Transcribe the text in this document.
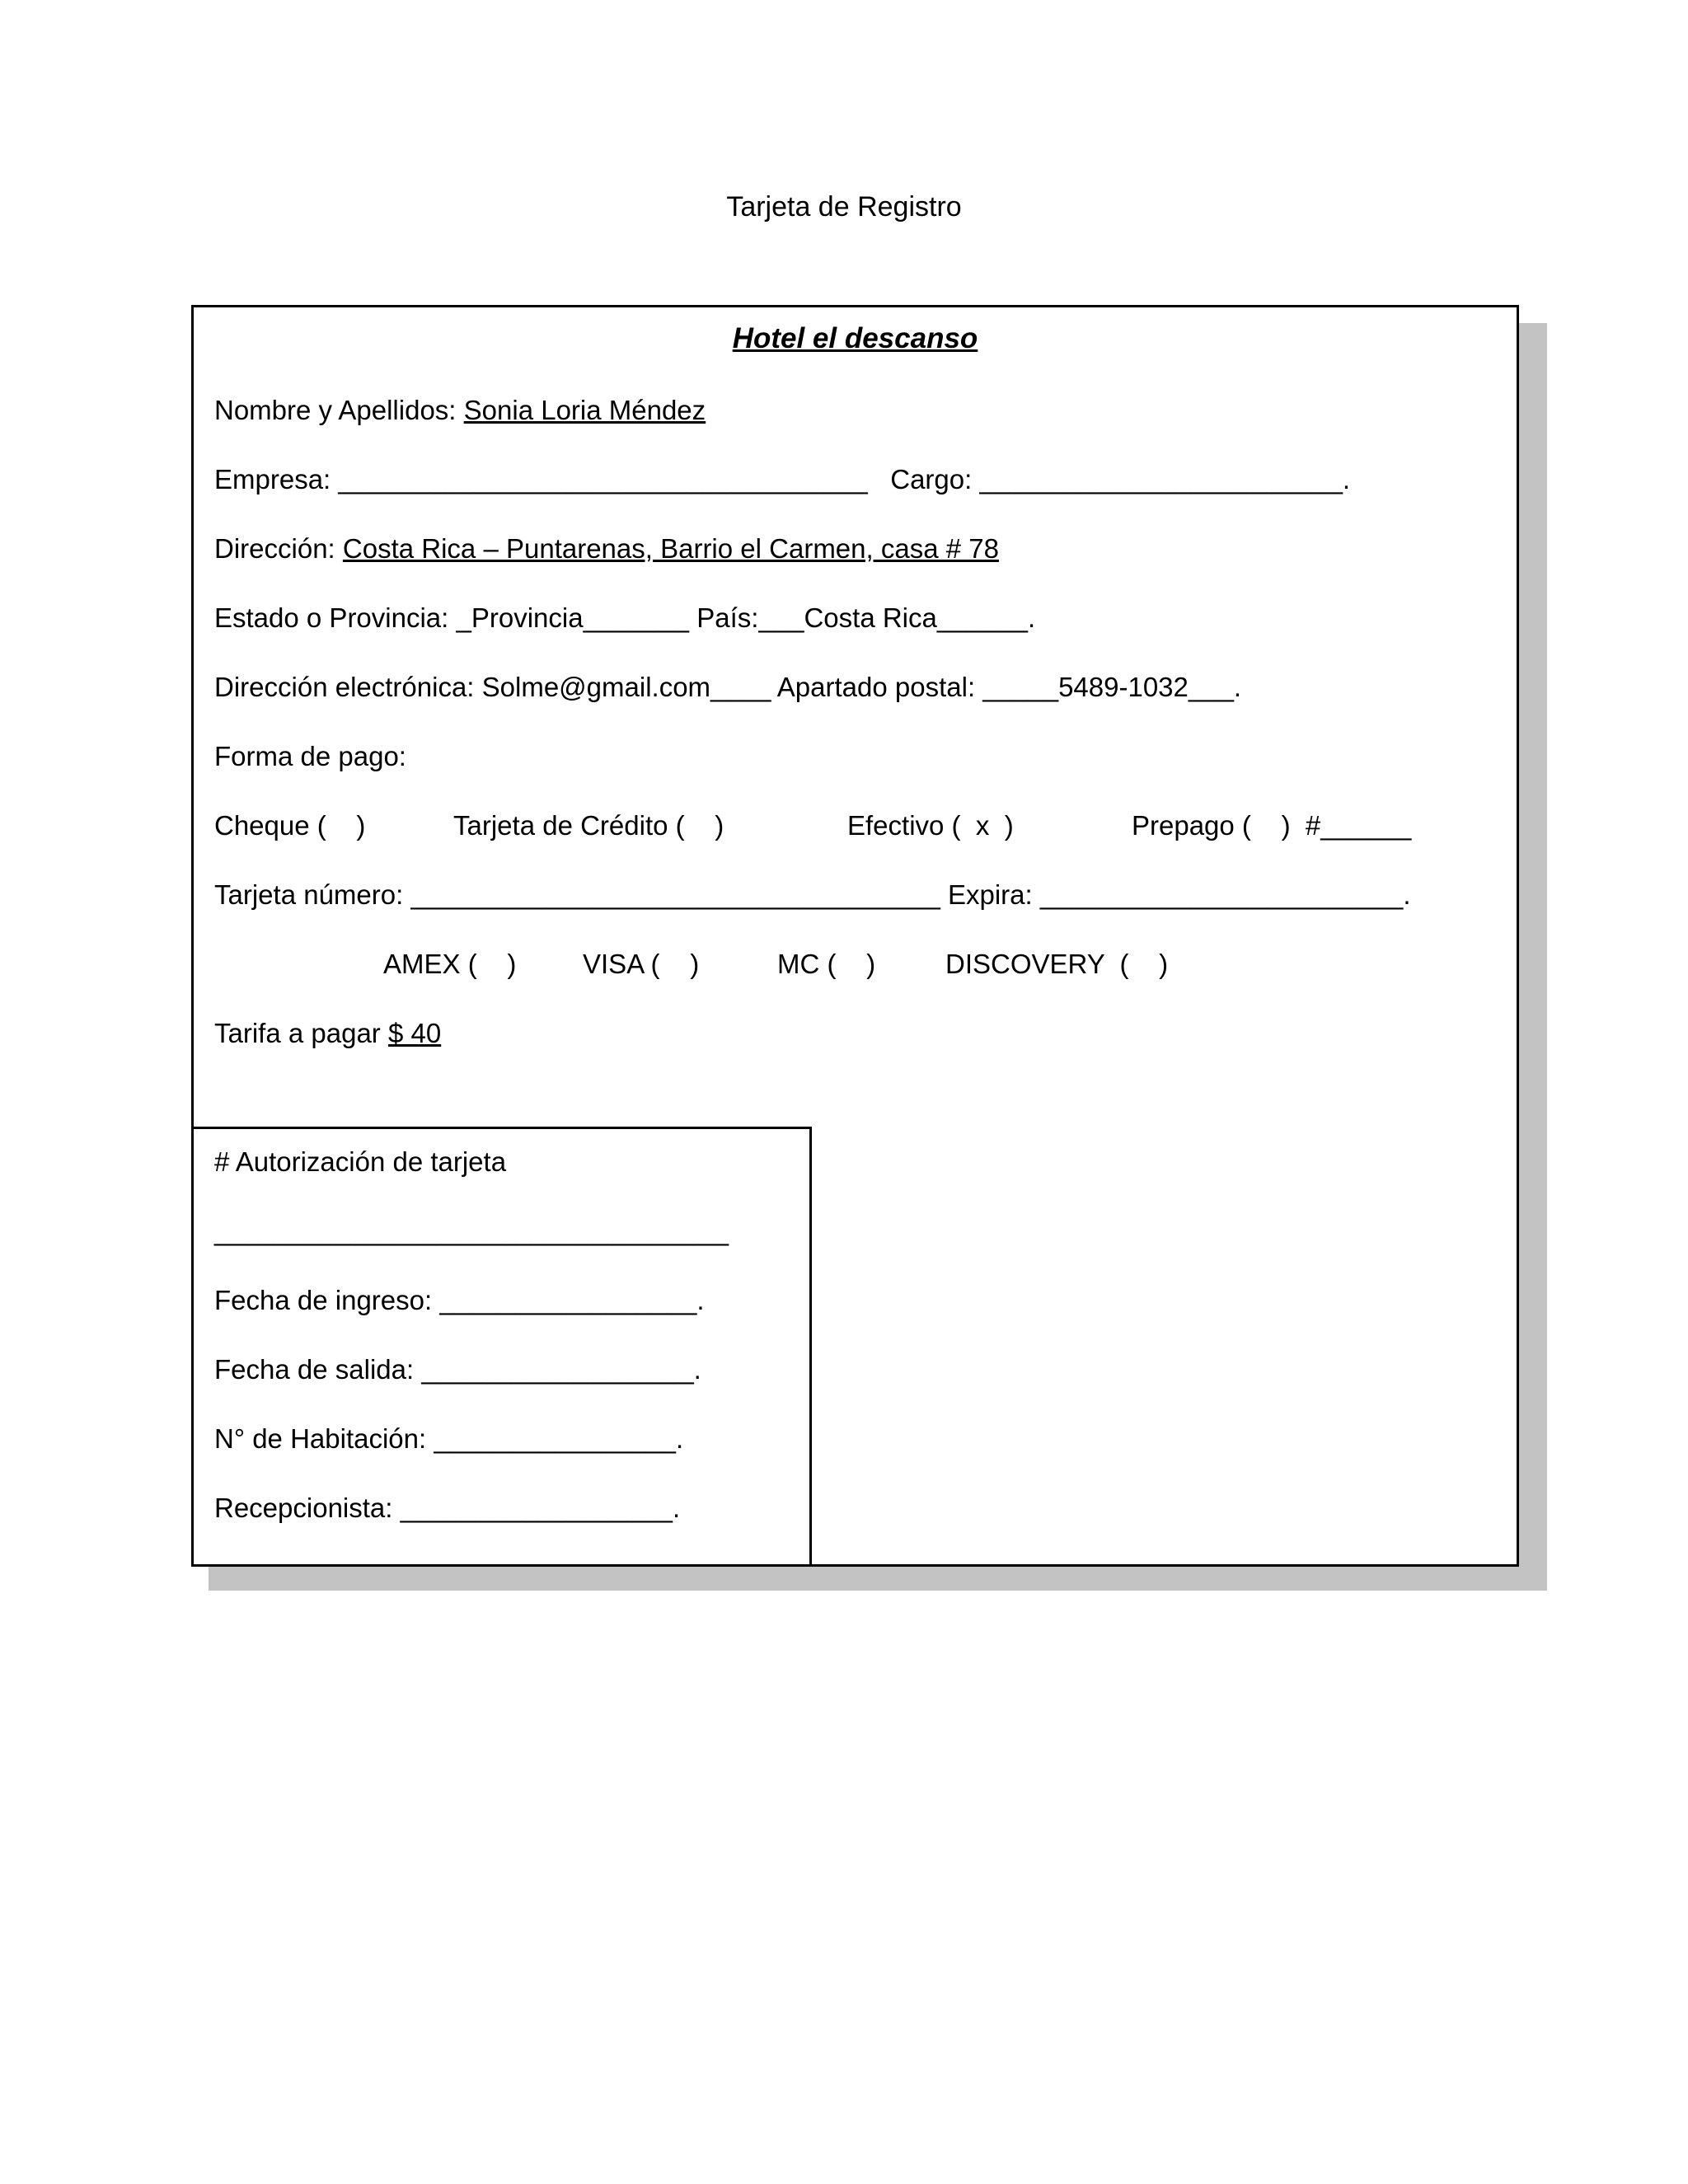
Tarjeta de Registro
Hotel el descanso
Nombre y Apellidos: Sonia Loria Méndez
Empresa: ___________________________________   Cargo: ________________________.
Dirección: Costa Rica – Puntarenas, Barrio el Carmen, casa # 78
Estado o Provincia: _Provincia_______ País:___Costa Rica______.
Dirección electrónica: Solme@gmail.com____ Apartado postal: _____5489-1032___.
Forma de pago:
Cheque (    )	Tarjeta de Crédito (    )	Efectivo (  x  )	Prepago (    )  #______
Tarjeta número: ___________________________________ Expira: ________________________.
AMEX (    ) VISA (    )	MC (    )	DISCOVERY  (    )
Tarifa a pagar $ 40
# Autorización de tarjeta
__________________________________
Fecha de ingreso: _________________.
Fecha de salida: __________________.
N° de Habitación: ________________.
Recepcionista: __________________.
